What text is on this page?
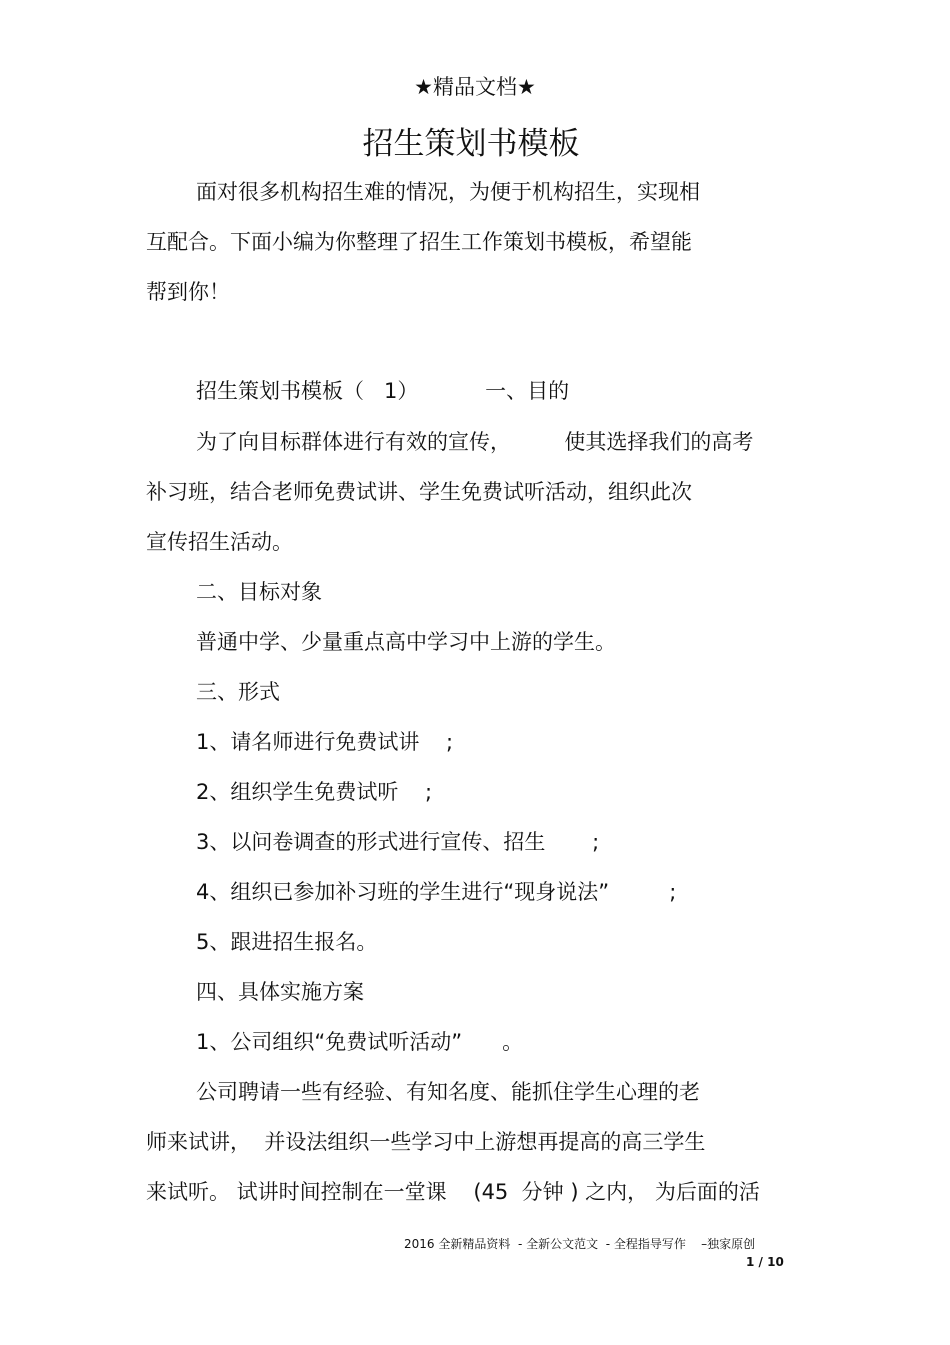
★精品文档★
招生策划书模板
面对很多机构招生难的情况，为便于机构招生，实现相
互配合。下面小编为你整理了招生工作策划书模板，希望能
帮到你！
招生策划书模板（   1）          一、目的
为了向目标群体进行有效的宣传，        使其选择我们的高考
补习班，结合老师免费试讲、学生免费试听活动，组织此次
宣传招生活动。
二、目标对象
普通中学、少量重点高中学习中上游的学生。
三、形式
1、请名师进行免费试讲    ;
2、组织学生免费试听    ;
3、以问卷调查的形式进行宣传、招生       ;
4、组织已参加补习班的学生进行“现身说法”         ;
5、跟进招生报名。
四、具体实施方案
1、公司组织“免费试听活动”      。
公司聘请一些有经验、有知名度、能抓住学生心理的老
师来试讲，  并设法组织一些学习中上游想再提高的高三学生
来试听。 试讲时间控制在一堂课    (45  分钟 ) 之内， 为后面的活
2016 全新精品资料  - 全新公文范文  - 全程指导写作    –独家原创
1 / 10
